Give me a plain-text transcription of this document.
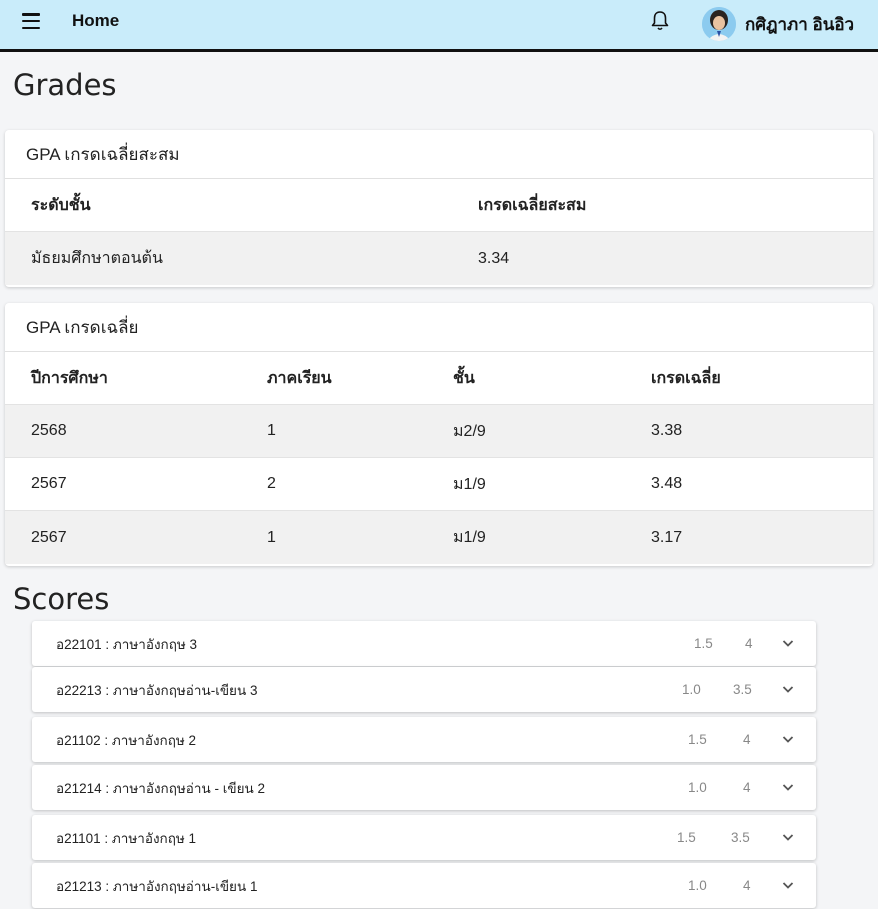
Home	กศิฎาภา อินอิว
Grades
GPA เกรดเฉลี่ยสะสม
ระดับชั้น	เกรดเฉลี่ยสะสม
มัธยมศึกษาตอนต้น	3.34
GPA เกรดเฉลี่ย
ปีการศึกษา	ภาคเรียน	ชั้น	เกรดเฉลี่ย
2568	1	ม2/9	3.38
2567	2	ม1/9	3.48
2567	1	ม1/9	3.17
Scores
อ22101 : ภาษาอังกฤษ 3	1.5 4
อ22213 : ภาษาอังกฤษอ่าน-เขียน 3	1.0 3.5
อ21102 : ภาษาอังกฤษ 2	1.5	4
อ21214 : ภาษาอังกฤษอ่าน - เขียน 2	1.0	4
อ21101 : ภาษาอังกฤษ 1	1.5	3.5
อ21213 : ภาษาอังกฤษอ่าน-เขียน 1	1.0	4
